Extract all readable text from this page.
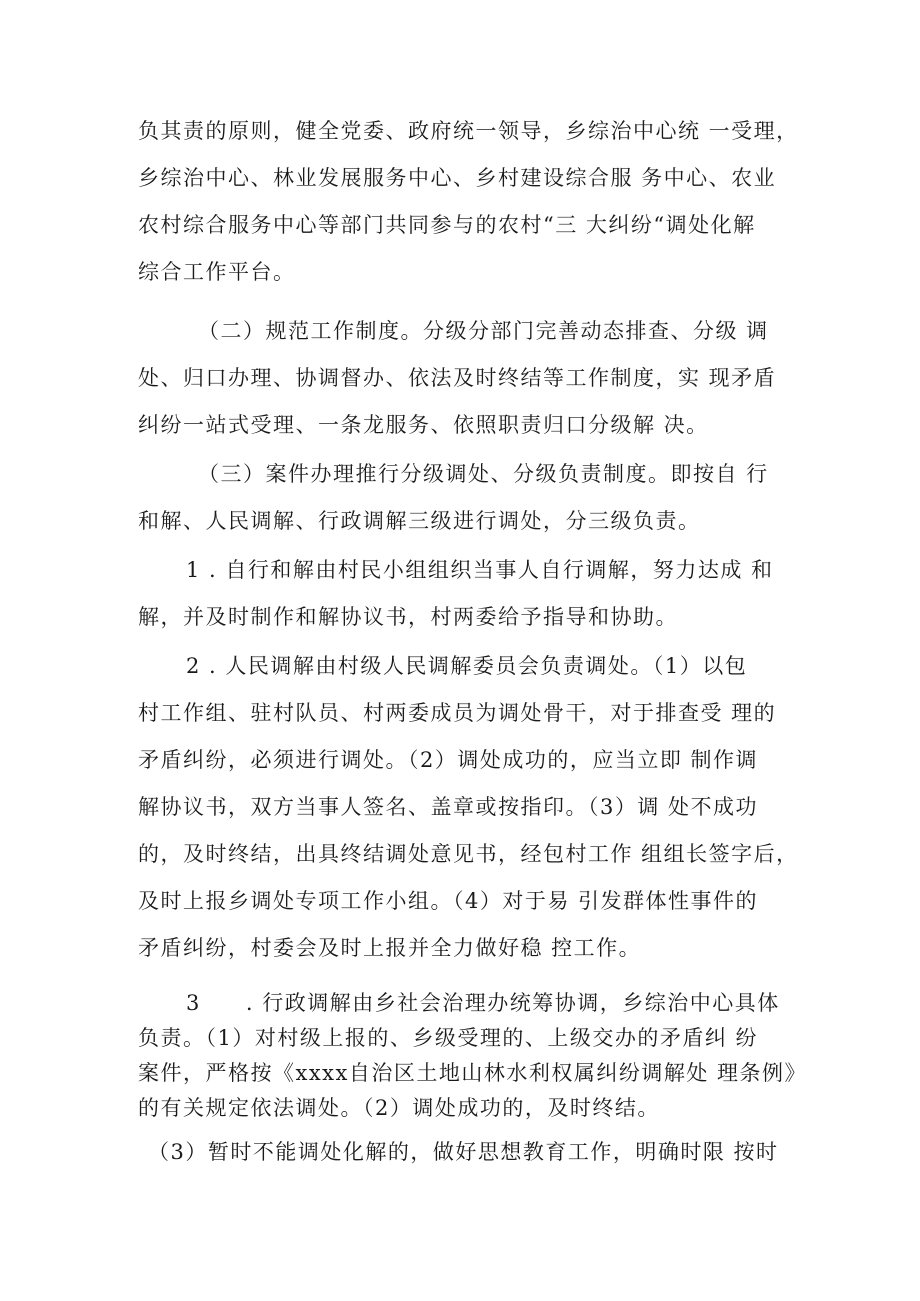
负其责的原则，健全党委、政府统一领导，乡综治中心统 一受理，
乡综治中心、林业发展服务中心、乡村建设综合服 务中心、农业
农村综合服务中心等部门共同参与的农村“三 大纠纷“调处化解
综合工作平台。
（二）规范工作制度。分级分部门完善动态排查、分级 调
处、归口办理、协调督办、依法及时终结等工作制度，实 现矛盾
纠纷一站式受理、一条龙服务、依照职责归口分级解 决。
（三）案件办理推行分级调处、分级负责制度。即按自 行
和解、人民调解、行政调解三级进行调处，分三级负责。
1 . 自行和解由村民小组组织当事人自行调解，努力达成 和
解，并及时制作和解协议书，村两委给予指导和协助。
2 . 人民调解由村级人民调解委员会负责调处。（1）以包
村工作组、驻村队员、村两委成员为调处骨干，对于排查受 理的
矛盾纠纷，必须进行调处。（2）调处成功的，应当立即 制作调
解协议书，双方当事人签名、盖章或按指印。（3）调 处不成功
的，及时终结，出具终结调处意见书，经包村工作 组组长签字后，
及时上报乡调处专项工作小组。（4）对于易 引发群体性事件的
矛盾纠纷，村委会及时上报并全力做好稳 控工作。
3　　. 行政调解由乡社会治理办统筹协调，乡综治中心具体
负责。（1）对村级上报的、乡级受理的、上级交办的矛盾纠 纷
案件，严格按《xxxx自治区土地山林水利权属纠纷调解处 理条例》
的有关规定依法调处。（2）调处成功的，及时终结。
（3）暂时不能调处化解的，做好思想教育工作，明确时限 按时
